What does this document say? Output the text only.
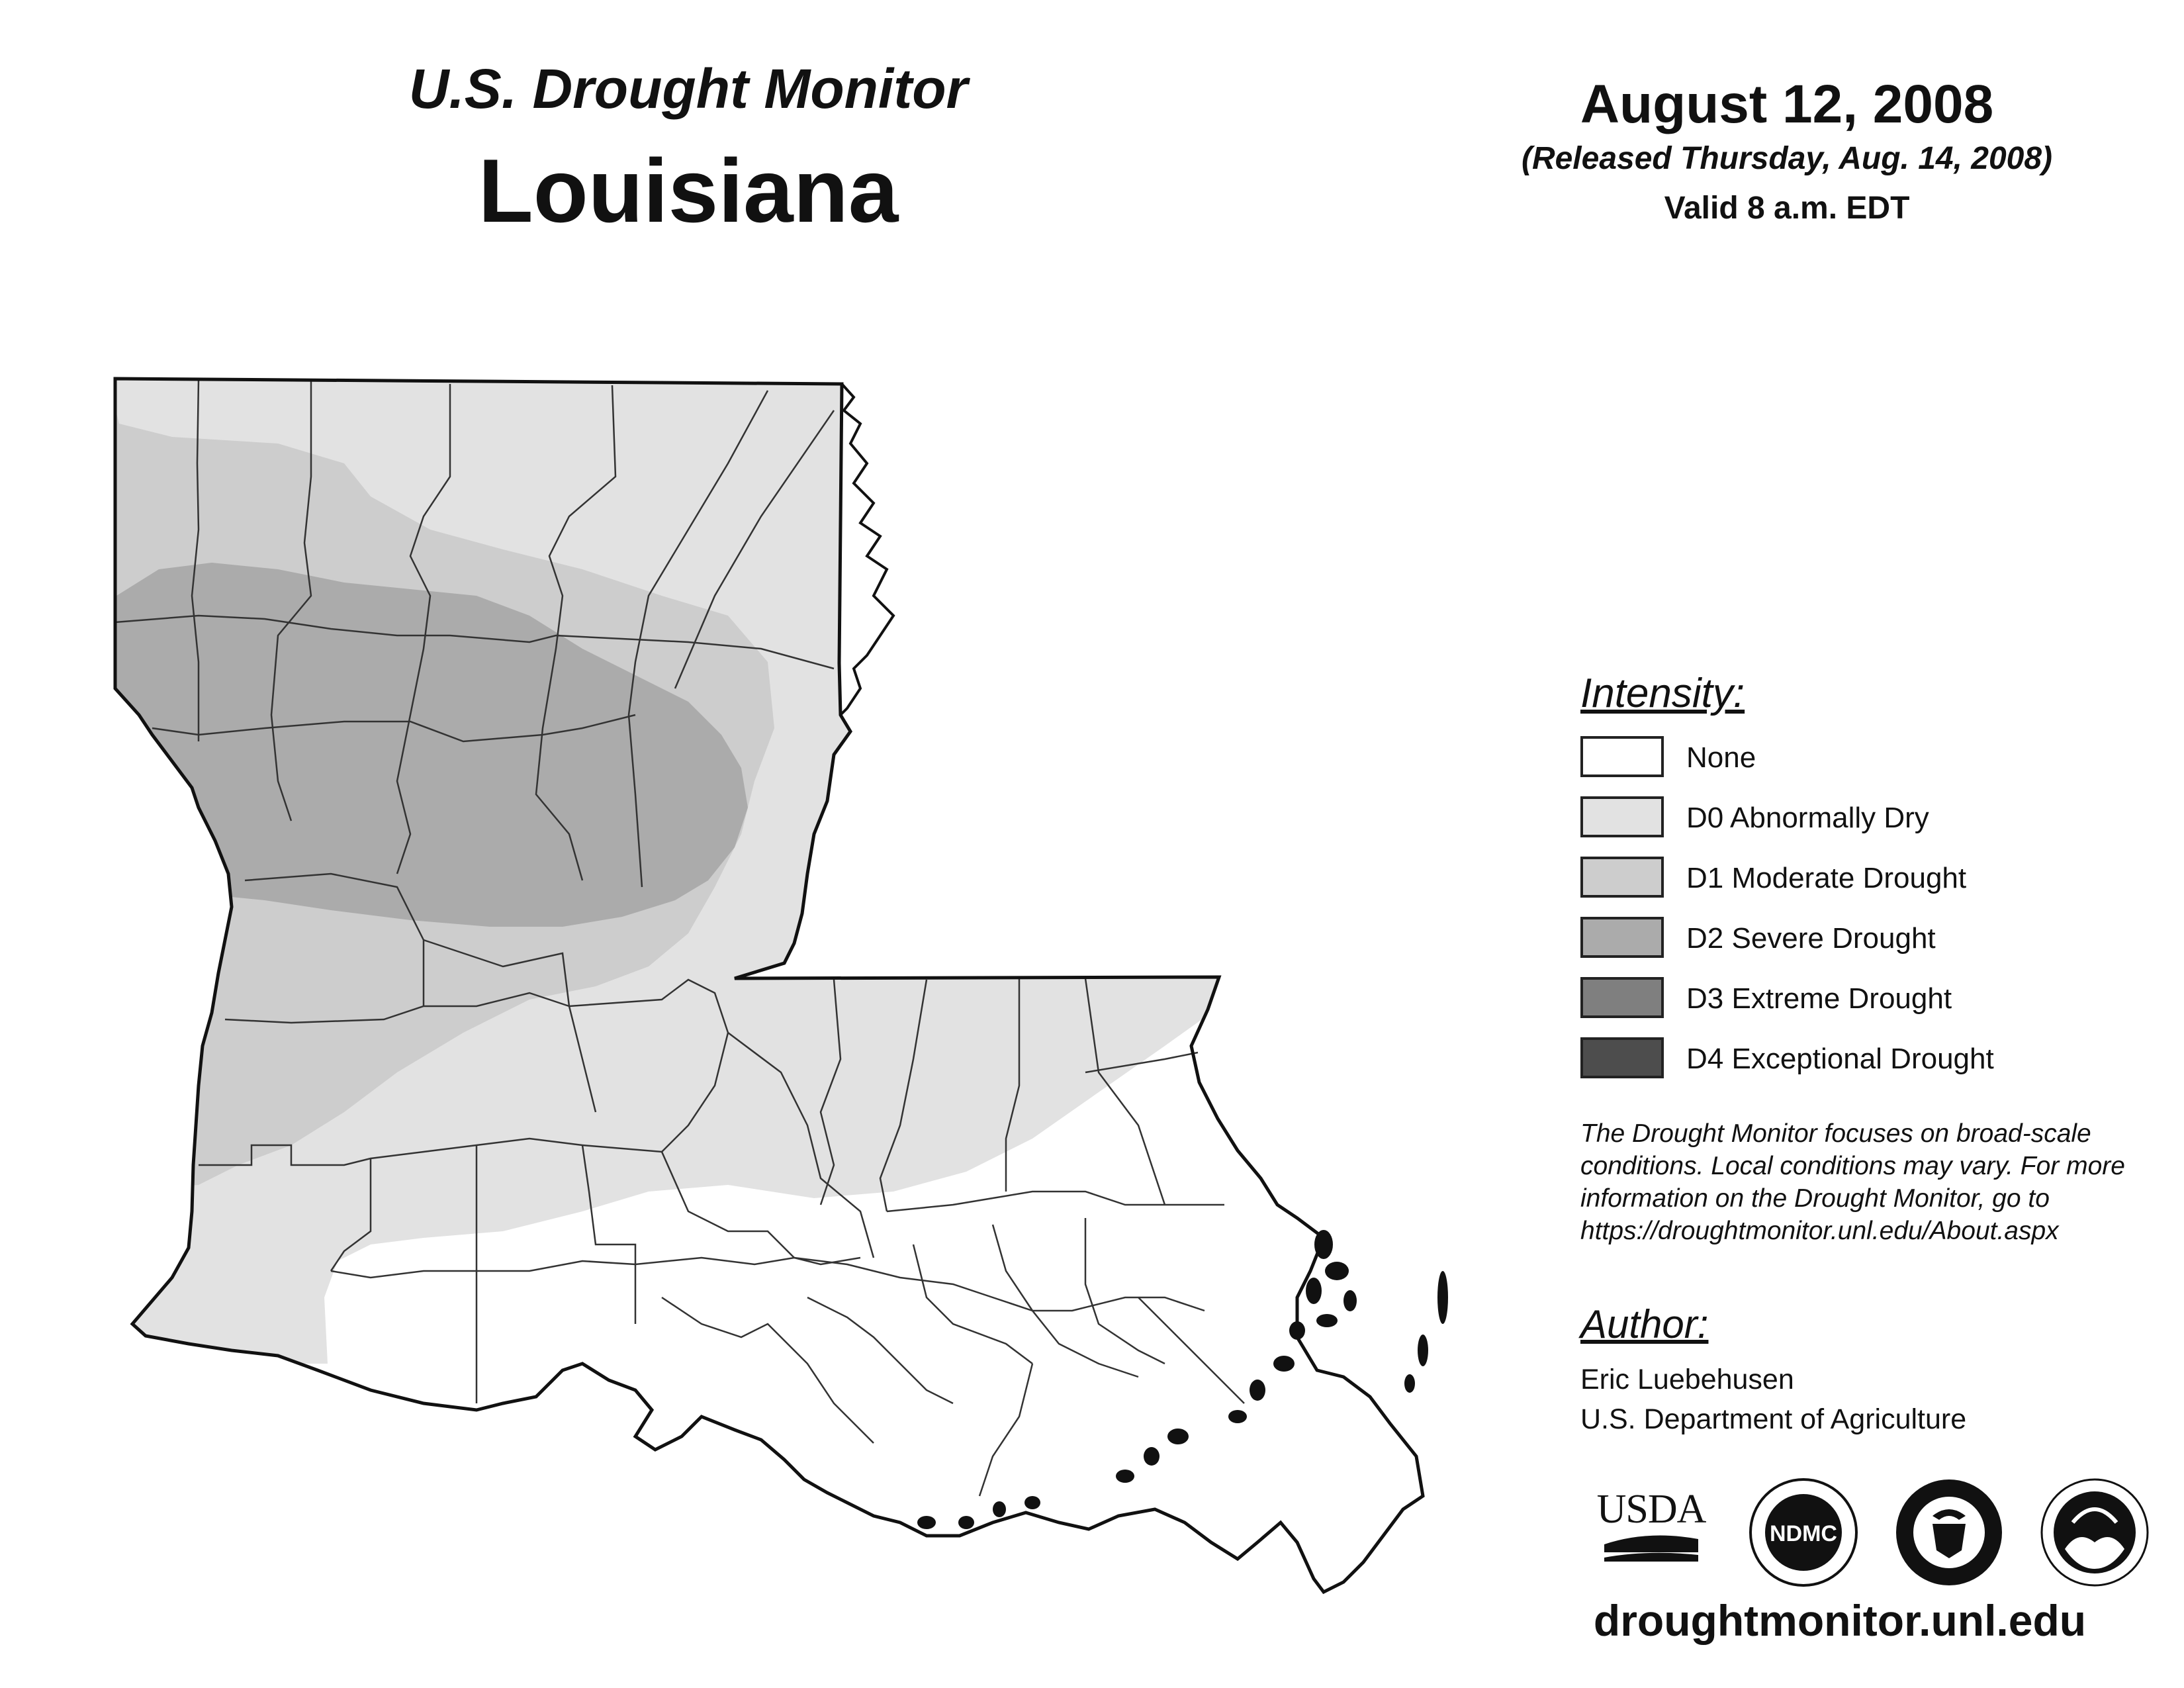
U.S. Drought Monitor
Louisiana
August 12, 2008
(Released Thursday, Aug. 14, 2008)
Valid 8 a.m. EDT
Intensity:
None
D0 Abnormally Dry
D1 Moderate Drought
D2 Severe Drought
D3 Extreme Drought
D4 Exceptional Drought
The Drought Monitor focuses on broad-scale conditions. Local conditions may vary. For more information on the Drought Monitor, go to https://droughtmonitor.unl.edu/About.aspx
Author:
Eric Luebehusen
U.S. Department of Agriculture
USDA
NDMC
droughtmonitor.unl.edu
